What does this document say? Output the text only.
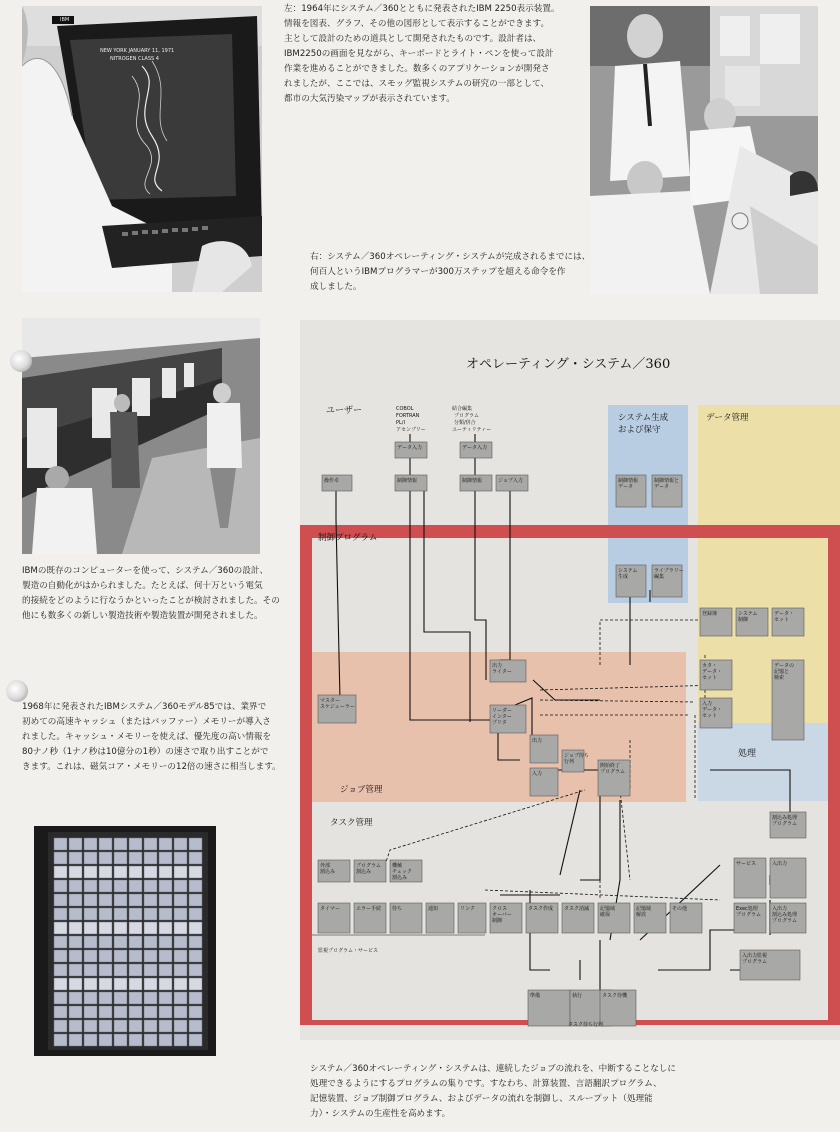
IBM
NEW YORK JANUARY 11, 1971
NITROGEN CLASS 4
左：1964年にシステム／360とともに発表されたIBM 2250表示装置。
情報を図表、グラフ、その他の図形として表示することができます。
主として設計のための道具として開発されたものです。設計者は、
IBM2250の画面を見ながら、キーボードとライト・ペンを使って設計
作業を進めることができました。数多くのアプリケーションが開発さ
れましたが、ここでは、スモッグ監視システムの研究の一部として、
都市の大気汚染マップが表示されています。
右：システム／360オペレーティング・システムが完成されるまでには、
何百人というIBMプログラマーが300万ステップを超える命令を作
成しました。
IBMの既存のコンピューターを使って、システム／360の設計、
製造の自動化がはかられました。たとえば、何十万という電気
的接続をどのように行なうかといったことが検討されました。その
他にも数多くの新しい製造技術や製造装置が開発されました。
1968年に発表されたIBMシステム／360モデル85では、業界で
初めての高速キャッシュ（またはバッファー）メモリーが導入さ
れました。キャッシュ・メモリーを使えば、優先度の高い情報を
80ナノ秒（1ナノ秒は10億分の1秒）の速さで取り出すことがで
きます。これは、磁気コア・メモリーの12倍の速さに相当します。
オペレーティング・システム／360
ユーザー
システム生成
および保守
データ管理
制御プログラム
ジョブ管理
タスク管理
処理
COBOL
FORTRAN
PL/I
アセンブリー
結合編集
プログラム
分類/併合
ユーティリティー
操作卓
データ入力	データ入力
制御情報	制御情報	ジョブ入力	制御情報
データ
制御情報と
データ
システム
生成
ライブラリー
編集
出力
ライター
リーダー
インター
プリタ
マスター
スケジューラー
出力
入力
ジョブ待ち
行列
開始終了
プログラム
登録簿	システム
制御
データ・
セット
カタ・
データ・
セット
データの
記憶と
検索
入力
データ・
セット
外部
割込み
プログラム
割込み
機械
チェック
割込み
タイマー	エラー手続 待ち	通知	リンク	クロス
オーバー
制御
タスク作成 タスク消滅 記憶域
確保
記憶域
解放
その他
割込み処理
プログラム
サービス	入出力
Exec処理
プログラム
入出力
割込み処理
プログラム
入出力監視
プログラム
準備	執行	タスク待機
監視プログラム・サービス
タスク待ち行列
システム／360オペレーティング・システムは、連続したジョブの流れを、中断することなしに
処理できるようにするプログラムの集りです。すなわち、計算装置、言語翻訳プログラム、
記憶装置、ジョブ制御プログラム、およびデータの流れを制御し、スループット（処理能
力）・システムの生産性を高めます。
